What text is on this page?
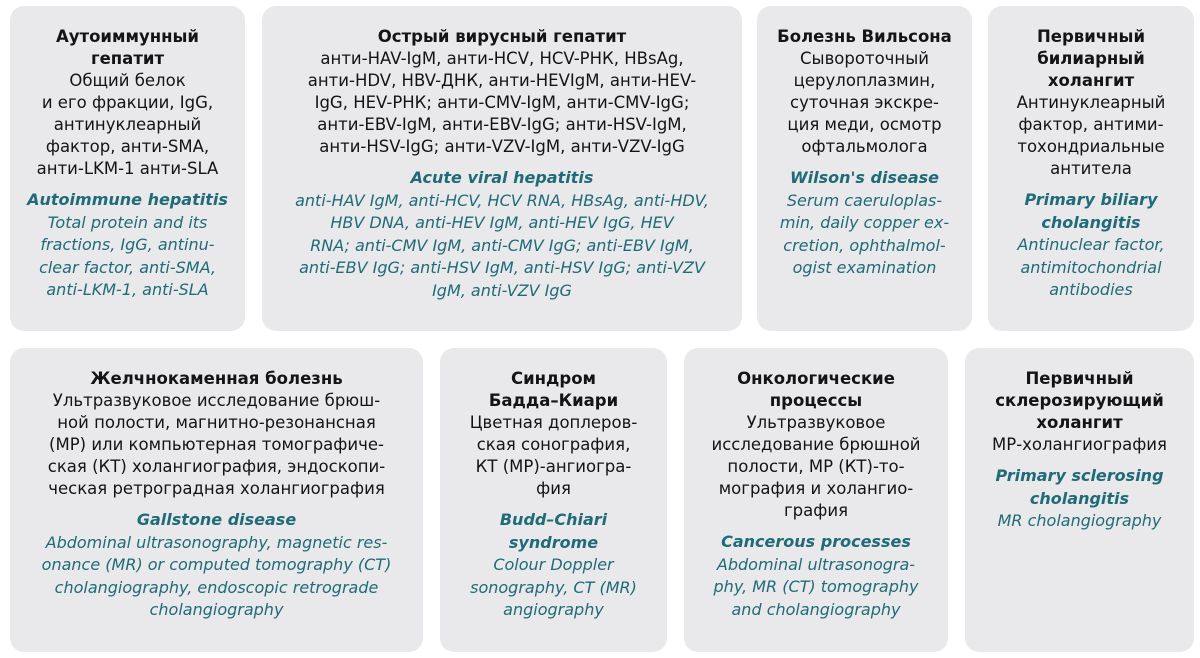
Аутоиммунный
гепатит
Общий белок
и его фракции, IgG,
антинуклеарный
фактор, анти-SMA,
анти-LKM-1 анти-SLA
Autoimmune hepatitis
Total protein and its
fractions, IgG, antinu-
clear factor, anti-SMA,
anti-LKM-1, anti-SLA
Острый вирусный гепатит
анти-HAV-IgM, анти-HCV, HCV-РНК, HBsAg,
анти-HDV, HBV-ДНК, анти-HEVIgM, анти-HEV-
IgG, HEV-РНК; анти-CMV-IgM, анти-CMV-IgG;
анти-EBV-IgM, анти-EBV-IgG; анти-HSV-IgM,
анти-HSV-IgG; анти-VZV-IgM, анти-VZV-IgG
Acute viral hepatitis
anti-HAV IgM, anti-HCV, HCV RNA, HBsAg, anti-HDV,
HBV DNA, anti-HEV IgM, anti-HEV IgG, HEV
RNA; anti-CMV IgM, anti-CMV IgG; anti-EBV IgM,
anti-EBV IgG; anti-HSV IgM, anti-HSV IgG; anti-VZV
IgM, anti-VZV IgG
Болезнь Вильсона
Сывороточный
церулоплазмин,
суточная экскре-
ция меди, осмотр
офтальмолога
Wilson's disease
Serum caeruloplas-
min, daily copper ex-
cretion, ophthalmol-
ogist examination
Первичный
билиарный
холангит
Антинуклеарный
фактор, антими-
тохондриальные
антитела
Primary biliary
cholangitis
Antinuclear factor,
antimitochondrial
antibodies
Желчнокаменная болезнь
Ультразвуковое исследование брюш-
ной полости, магнитно-резонансная
(МР) или компьютерная томографиче-
ская (КТ) холангиография, эндоскопи-
ческая ретроградная холангиография
Gallstone disease
Abdominal ultrasonography, magnetic res-
onance (MR) or computed tomography (CT)
cholangiography, endoscopic retrograde
cholangiography
Синдром
Бадда–Киари
Цветная доплеров-
ская сонография,
КТ (МР)-ангиогра-
фия
Budd–Chiari
syndrome
Colour Doppler
sonography, CT (MR)
angiography
Онкологические
процессы
Ультразвуковое
исследование брюшной
полости, МР (КТ)-то-
мография и холангио-
графия
Cancerous processes
Abdominal ultrasonogra-
phy, MR (CT) tomography
and cholangiography
Первичный
склерозирующий
холангит
МР-холангиография
Primary sclerosing
cholangitis
MR cholangiography
